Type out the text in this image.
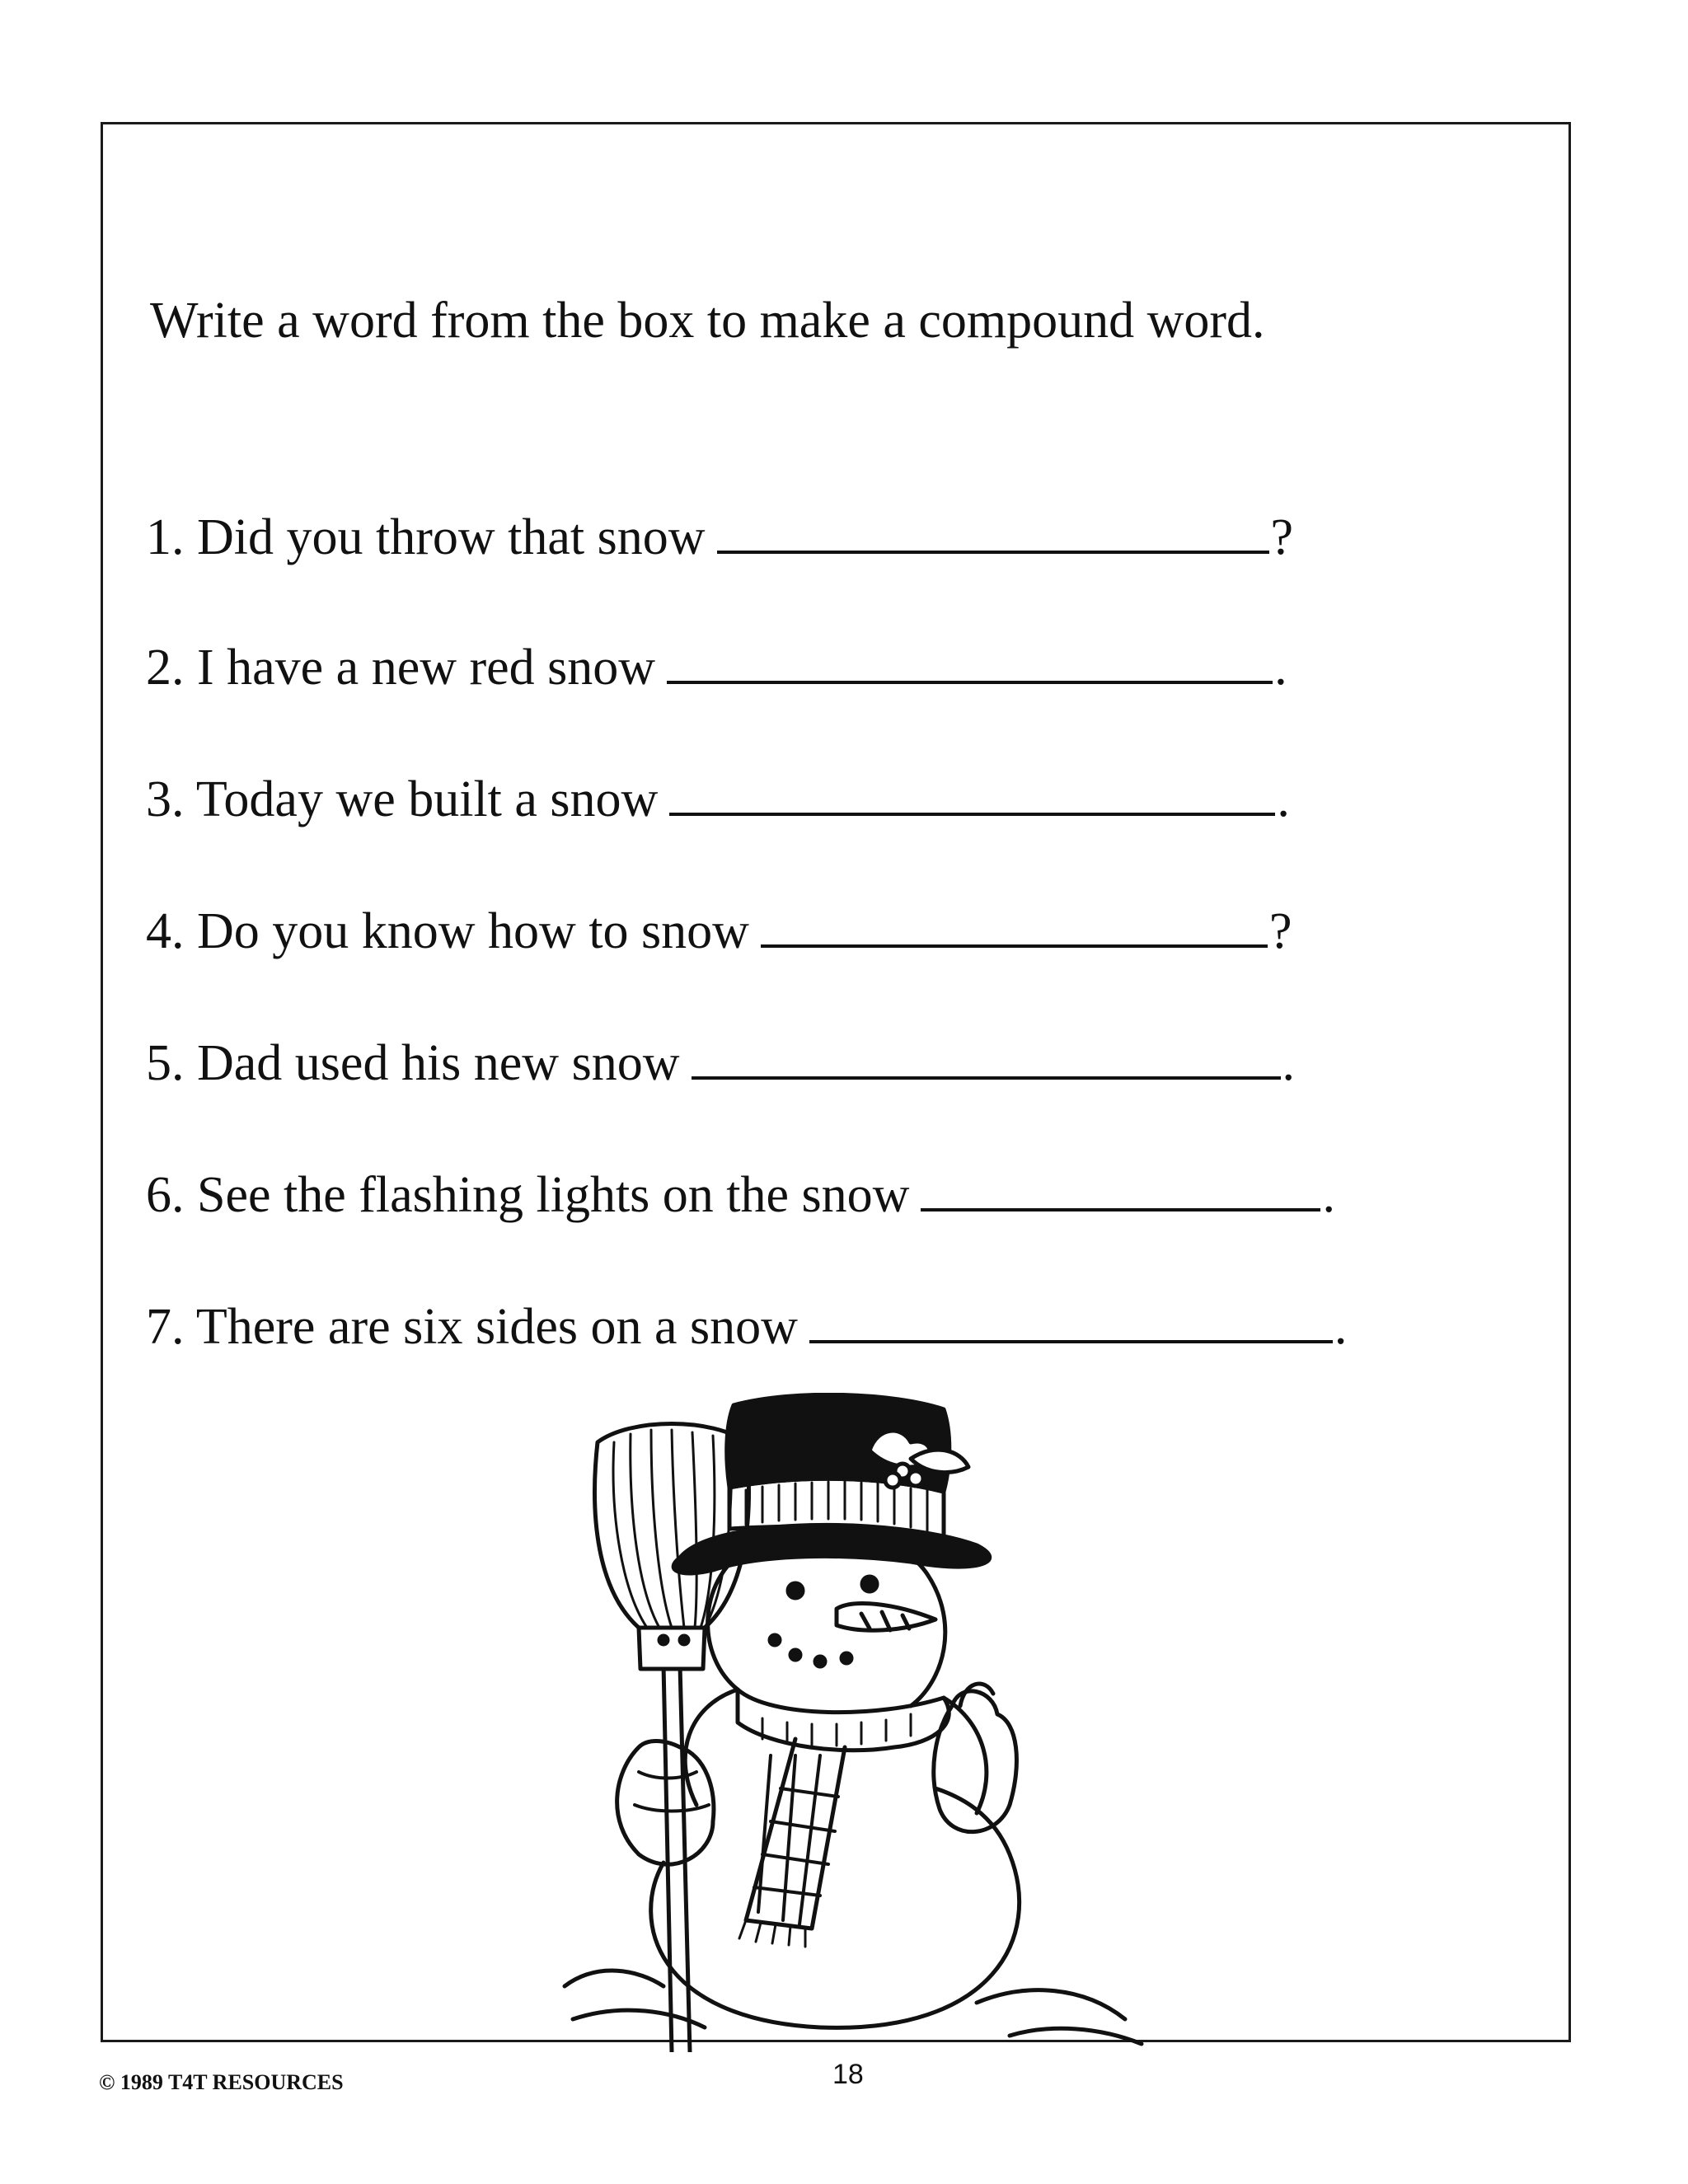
Write a word from the box to make a compound word.
1. Did you throw that snow	?
2. I have a new red snow	.
3. Today we built a snow	.
4. Do you know how to snow	?
5. Dad used his new snow	.
6. See the flashing lights on the snow	.
7. There are six sides on a snow	.
© 1989 T4T RESOURCES	18
